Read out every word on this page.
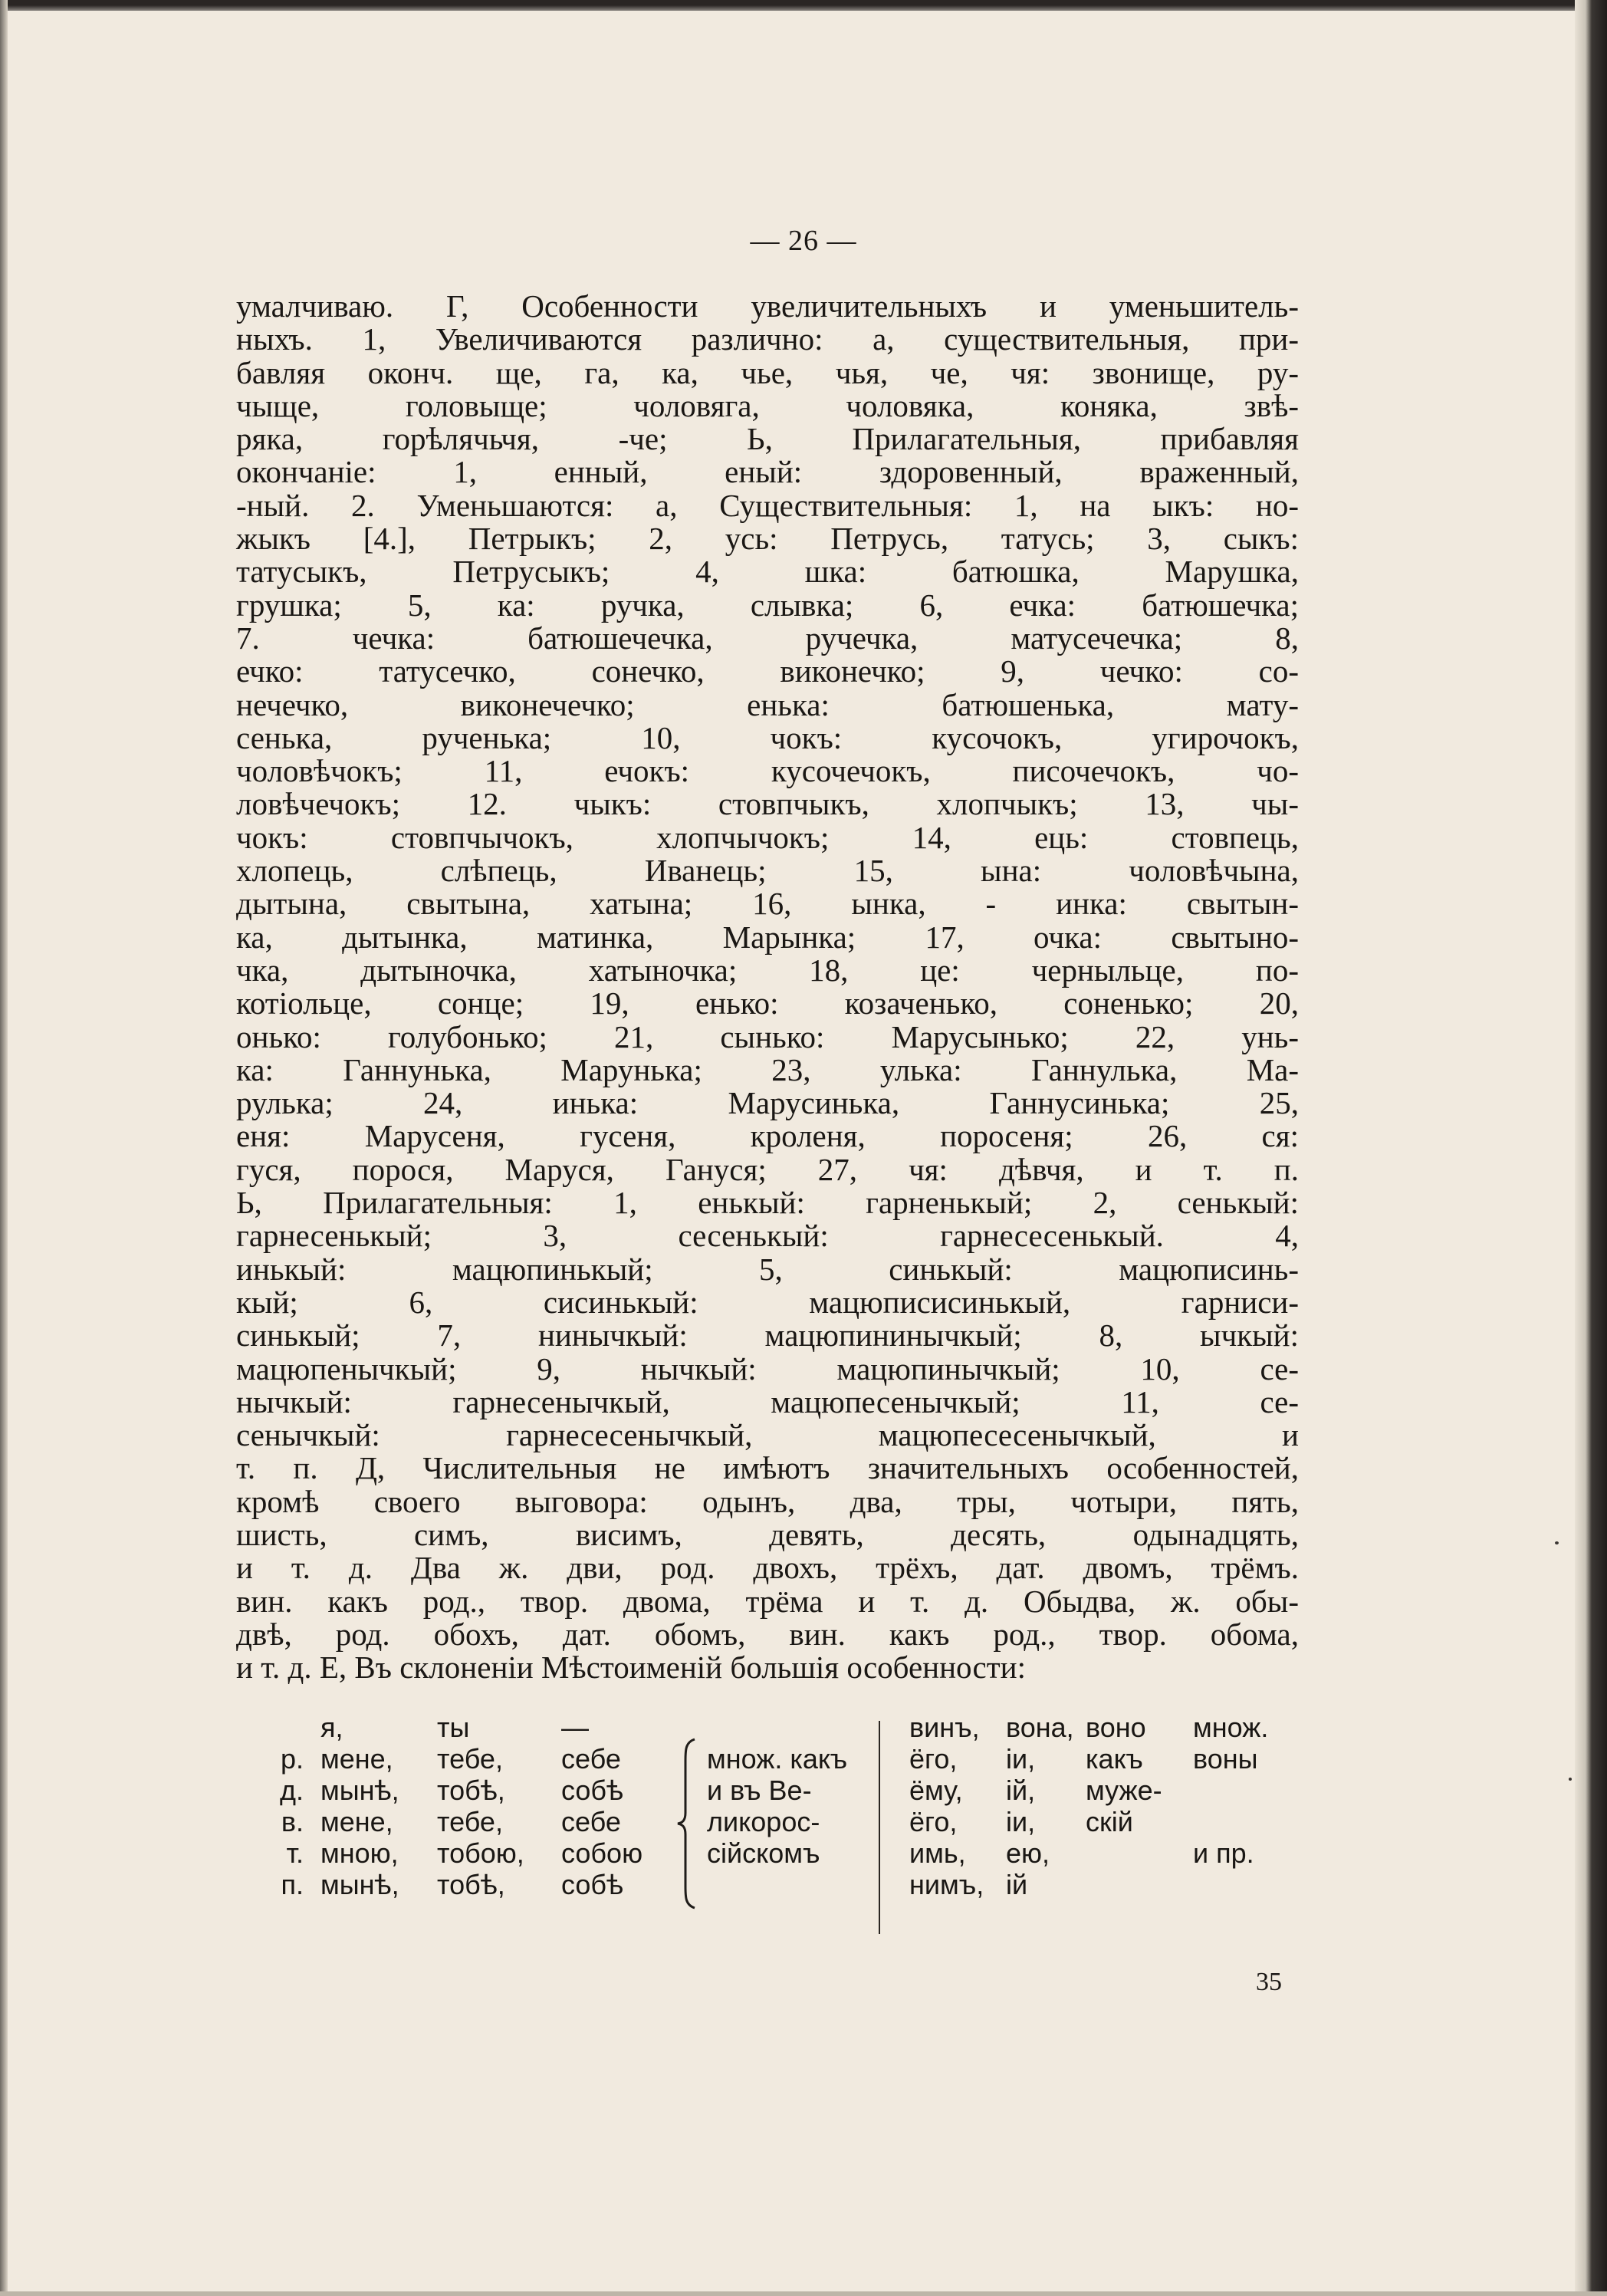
— 26 —
умалчиваю. Г, Особенности увеличительныхъ и уменьшитель-
ныхъ. 1, Увеличиваются различно: а, существительныя, при-
бавляя оконч. ще, га, ка, чье, чья, че, чя: звонище, ру-
чыще, головыще; чоловяга, чоловяка, коняка, звѣ-
ряка, горѣлячьчя, -че; Ь, Прилагательныя, прибавляя
окончаніе: 1, енный, еный: здоровенный, враженный,
-ный. 2. Уменьшаются: а, Существительныя: 1, на ыкъ: но-
жыкъ [4.], Петрыкъ; 2, усь: Петрусь, татусь; 3, сыкъ:
татусыкъ, Петрусыкъ; 4, шка: батюшка, Марушка,
грушка; 5, ка: ручка, слывка; 6, ечка: батюшечка;
7. чечка: батюшечечка, ручечка, матусечечка; 8,
ечко: татусечко, сонечко, виконечко; 9, чечко: со-
нечечко, виконечечко; енька: батюшенька, мату-
сенька, рученька; 10, чокъ: кусочокъ, угирочокъ,
чоловѣчокъ; 11, ечокъ: кусочечокъ, писочечокъ, чо-
ловѣчечокъ; 12. чыкъ: стовпчыкъ, хлопчыкъ; 13, чы-
чокъ: стовпчычокъ, хлопчычокъ; 14, ець: стовпець,
хлопець, слѣпець, Иванець; 15, ына: чоловѣчына,
дытына, свытына, хатына; 16, ынка, - инка: свытын-
ка, дытынка, матинка, Марынка; 17, очка: свытыно-
чка, дытыночка, хатыночка; 18, це: черныльце, по-
котіольце, сонце; 19, енько: козаченько, соненько; 20,
онько: голубонько; 21, сынько: Марусынько; 22, унь-
ка: Ганнунька, Марунька; 23, улька: Ганнулька, Ма-
рулька; 24, инька: Марусинька, Ганнусинька; 25,
еня: Марусеня, гусеня, кроленя, поросеня; 26, ся:
гуся, порося, Маруся, Гануся; 27, чя: дѣвчя, и т. п.
Ь, Прилагательныя: 1, енькый: гарненькый; 2, сенькый:
гарнесенькый; 3, сесенькый: гарнесесенькый. 4,
инькый: мацюпинькый; 5, синькый: мацюписинь-
кый; 6, сисинькый: мацюписисинькый, гарниси-
синькый; 7, нинычкый: мацюпининычкый; 8, ычкый:
мацюпенычкый; 9, нычкый: мацюпинычкый; 10, се-
нычкый: гарнесенычкый, мацюпесенычкый; 11, се-
сенычкый: гарнесесенычкый, мацюпесесенычкый, и
т. п. Д, Числительныя не имѣютъ значительныхъ особенностей,
кромѣ своего выговора: одынъ, два, тры, чотыри, пять,
шисть, симъ, висимъ, девять, десять, одынадцять,
и т. д. Два ж. дви, род. двохъ, трёхъ, дат. двомъ, трёмъ.
вин. какъ род., твор. двома, трёма и т. д. Обыдва, ж. обы-
двѣ, род. обохъ, дат. обомъ, вин. какъ род., твор. обома,
и т. д. Е, Въ склоненіи Мѣстоименій большія особенности:
р.
д.
в.
т.
п.
я,
мене,
мынѣ,
мене,
мною,
мынѣ,
ты
тебе,
тобѣ,
тебе,
тобою,
тобѣ,
—
себе
собѣ
себе
собою
собѣ
множ. какъ
и въ Ве-
ликорос-
сійскомъ
винъ,
ёго,
ёму,
ёго,
имь,
нимъ,
вона,
іи,
ій,
іи,
ею,
ій
воно
какъ
муже-
скій
множ.
воны
и пр.
35
